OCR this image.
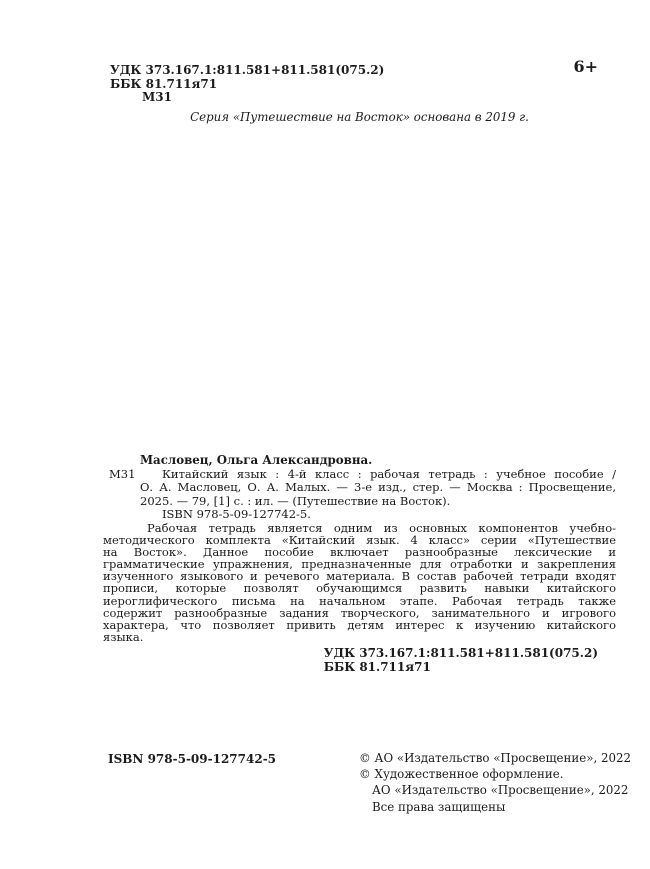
УДК 373.167.1:811.581+811.581(075.2)
ББК 81.711я71
М31
6+
Серия «Путешествие на Восток» основана в 2019 г.
Масловец, Ольга Александровна.
М31	Китайский язык : 4-й класс : рабочая тетрадь : учебное пособие /
О. А. Масловец, О. А. Малых. — 3-е изд., стер. — Москва : Просвещение,
2025. — 79, [1] с. : ил. — (Путешествие на Восток).
ISBN 978-5-09-127742-5.
Рабочая тетрадь является одним из основных компонентов учебно-
методического комплекта «Китайский язык. 4 класс» серии «Путешествие
на Восток». Данное пособие включает разнообразные лексические и
грамматические упражнения, предназначенные для отработки и закрепления
изученного языкового и речевого материала. В состав рабочей тетради входят
прописи, которые позволят обучающимся развить навыки китайского
иероглифического письма на начальном этапе. Рабочая тетрадь также
содержит разнообразные задания творческого, занимательного и игрового
характера, что позволяет привить детям интерес к изучению китайского
языка.
УДК 373.167.1:811.581+811.581(075.2)
ББК 81.711я71
ISBN 978-5-09-127742-5	© АО «Издательство «Просвещение», 2022
© Художественное оформление.
АО «Издательство «Просвещение», 2022
Все права защищены
